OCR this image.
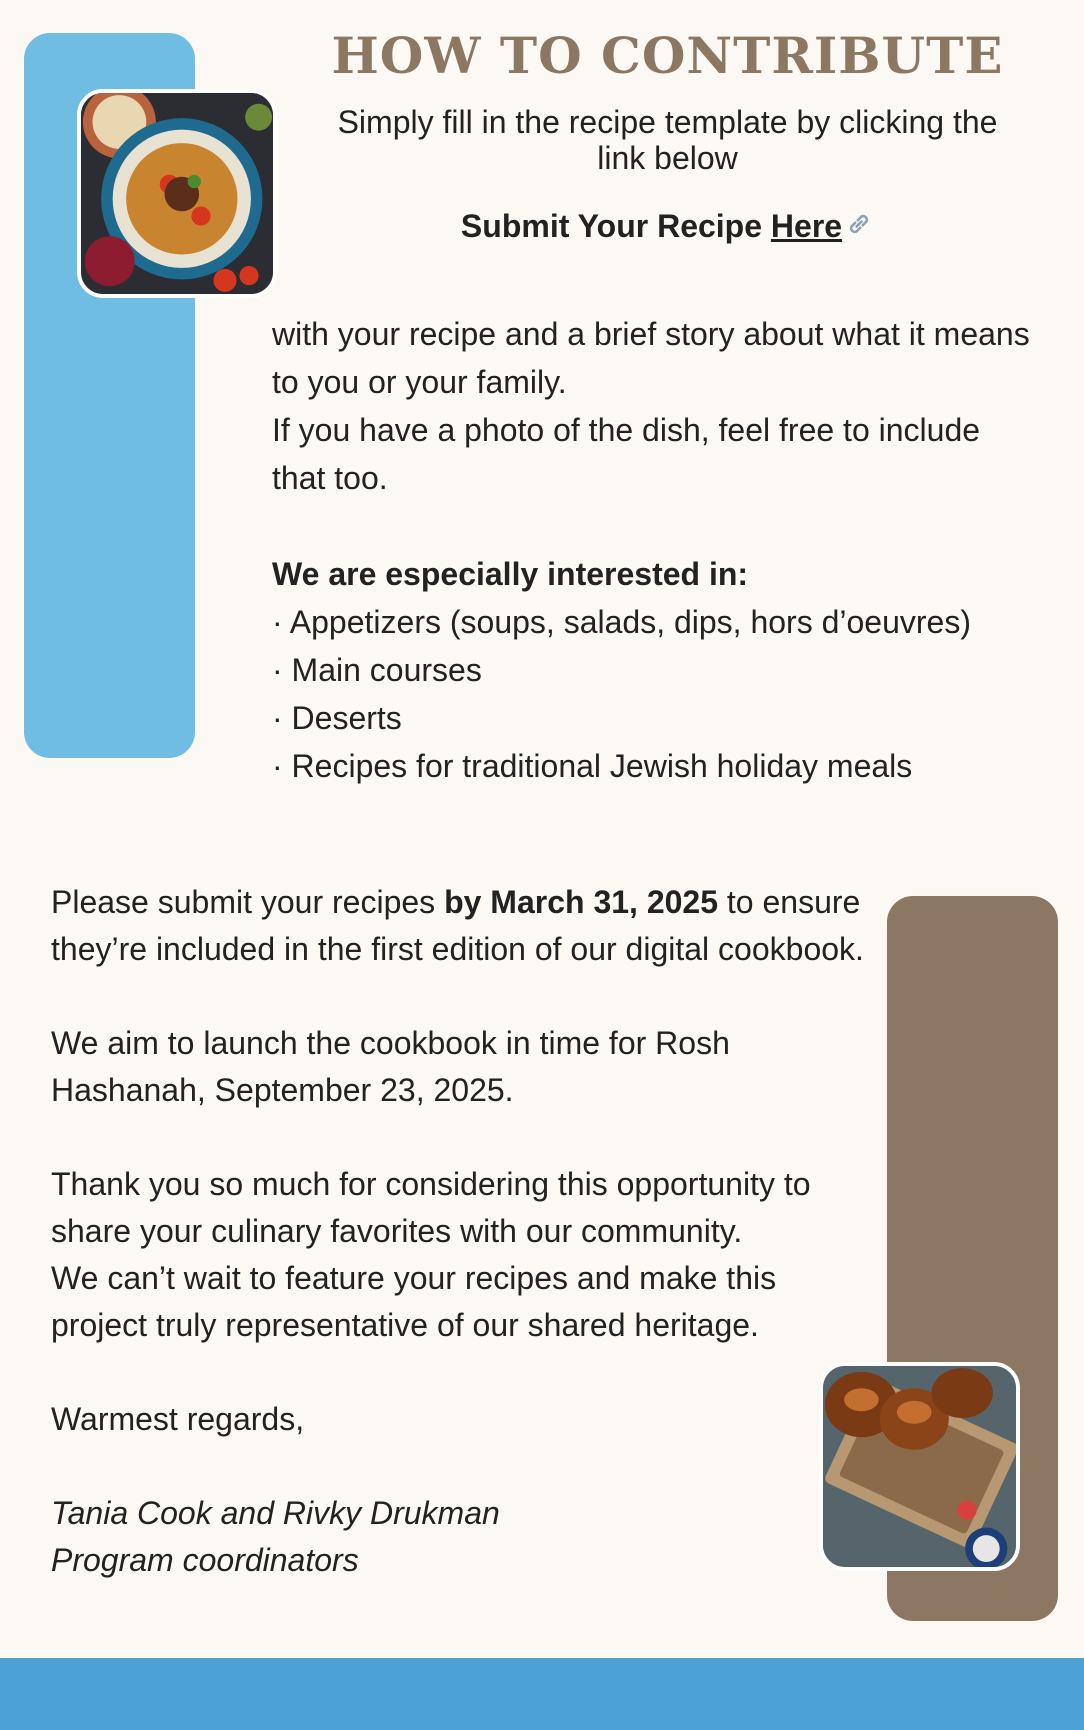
HOW TO CONTRIBUTE

Simply fill in the recipe template by clicking the link below

Submit Your Recipe Here

with your recipe and a brief story about what it means to you or your family.

If you have a photo of the dish, feel free to include that too.

We are especially interested in:

· Appetizers (soups, salads, dips, hors d’oeuvres)

· Main courses

· Deserts

· Recipes for traditional Jewish holiday meals

Please submit your recipes by March 31, 2025 to ensure they’re included in the first edition of our digital cookbook.

We aim to launch the cookbook in time for Rosh Hashanah, September 23, 2025.

Thank you so much for considering this opportunity to share your culinary favorites with our community.

We can’t wait to feature your recipes and make this project truly representative of our shared heritage.

Warmest regards,

Tania Cook and Rivky Drukman

Program coordinators
